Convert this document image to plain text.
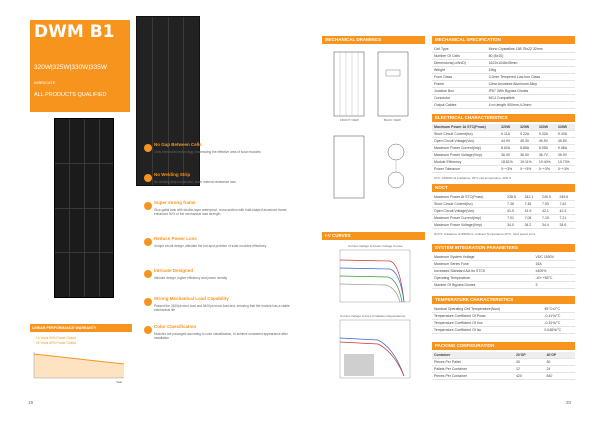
DWM B1
320W|325W|330W|335W
IMBRICATE
ALL PRODUCTS QUALIFIED
No Gap Between Cells
Cells interlocked technology, maximizing the effective area of solar modules
No Welding Strip
No welding strip connection, lower internal resistance loss
Super strong frame
Glue-gallal tank with double-layer waterproof, cross-section with total-shaped aluminum frame, enhanced 50% of the mechanical load strength
Reduce Power Loss
Unique circuit design, alleviate the hot-spot problem of solar modules effectively
Intricate Designed
Intricate design, higher efficiency and power density
Strong Mechanical Load Capability
Passed the 2400pa wind load and 5400pa snow load test, ensuring that the module has a stable mechanical life
Color Classification
Modules are packaged according to color classification, to achieve consistent appearance after installation
LINEAR PERFORMANCE WARRANTY
10 Years 90% Power Output
25 Years 80% Power Output
Year
19
MECHANICAL DRAWINGS
FRONT VIEW	BACK VIEW
I-V CURVES
Current-Voltage & Power-Voltage Curves
Current-Voltage Curves (Irradiation Dependence)
20
MECHANICAL SPECIFICATION
Cell Type	Mono Crystalline 158.75x22.32mm
Number Of Cells	80 (8x10)
Dimensions(LxWxD)	1622x1048x35mm
Weight	19kg
Front Glass	3.2mm Tempered Low-iron Glass
Frame	Clear Anodized Aluminum Alloy
Junction Box	IP67 3Wh Bypass Diodes
Connector	MC4 Compatible
Output Cables	4 m²,length 900mm,4.0mm²
ELECTRICAL CHARACTERISTICS
Maximum Power At STC(Pmax)	320W	325W	330W	335W
Short Circuit Current(Isc)	9.11A	9.22A	9.32A	9.43A
Open Circuit Voltage(Voc)	44.9V	45.3V	45.5V	45.8V
Maximum Power Current(Imp)	8.62A	8.86A	8.95A	9.08A
Maximum Power Voltage(Vmp)	36.3V	36.5V	36.7V	36.9V
Module Efficiency	18.81%	19.11%	19.40%	19.70%
Power Tolerance	0~+3%	0~+3%	0~+3%	0~+3%
STC: 1000W/m2 irradiance, 25°C cell temperature, AM1.5
NOCT
Maximum Power At STC(Pmax)	238.5	242.1	245.9	249.6
Short Circuit Current(Isc)	7.36	7.45	7.53	7.62
Open Circuit Voltage(Voc)	41.5	41.9	42.1	42.3
Maximum Power Current(Imp)	7.01	7.06	7.15	7.21
Maximum Power Voltage(Vmp)	34.0	34.2	34.4	34.6
NOCT: Irradiance at 800W/m², Ambient Temperature 20°C, wind speed 1m/s
SYSTEM INTEGRATION PARAMETERS
Maximum System Voltage	VDC 1500V
Maximum Series Fuse	15A
Increased Standard Act ito STC5	±400%
Operating Temperature	-40~+85°C
Number Of Bypass Diodes	3
TEMPERATURE CHARACTERISTICS
Nominal Operating Cell Temperature(Noct)	45°C±2°C
Temperature Coefficient Of Pmax	-0.41%/°C
Temperature Coefficient Of Voc	-0.31%/°C
Temperature Coefficient Of Isc	0.048%/°C
PACKING CONFIGURATION
Container	20'GP	40'GP
Pieces Per Pallet	30	30
Pallets Per Container	12	24
Pieces Per Container	420	840
